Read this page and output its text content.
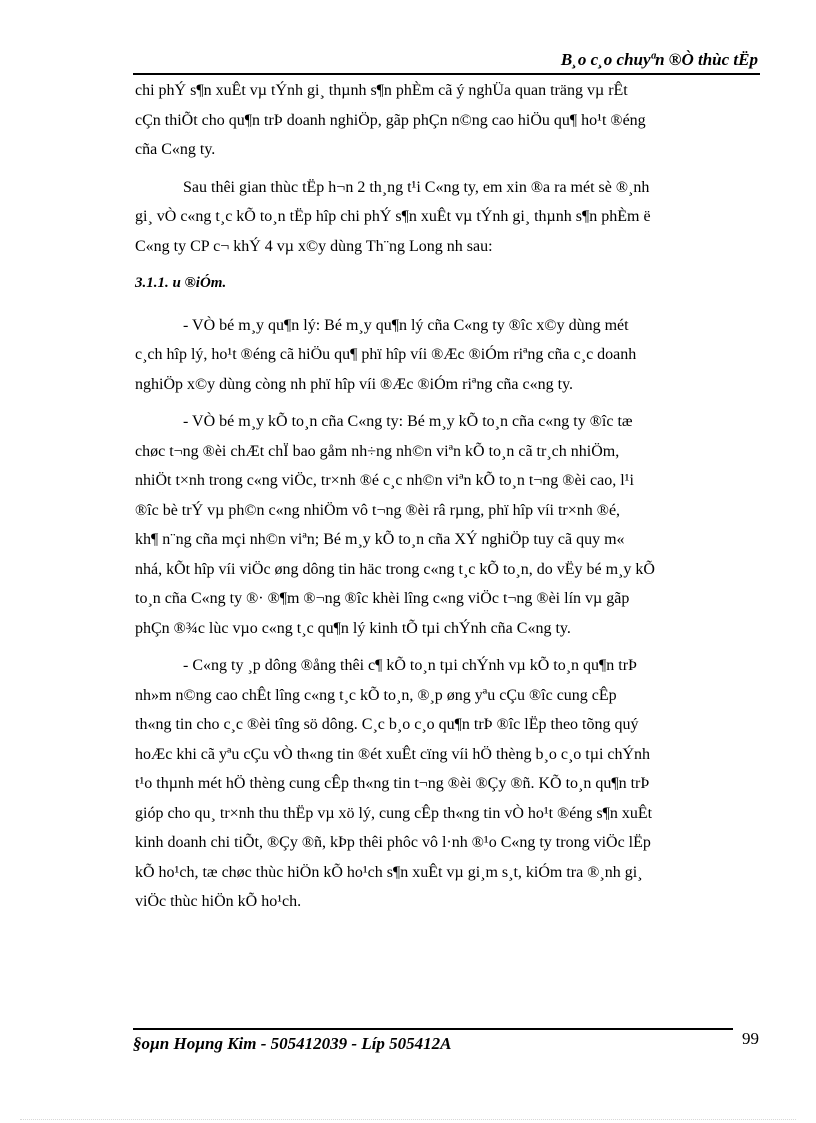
B¸o c¸o chuyªn ®Ò thùc tËp

chi phÝ s¶n xuÊt vµ tÝnh gi¸ thµnh s¶n phÈm cã ý nghÜa quan träng vµ rÊt
cÇn thiÕt cho qu¶n trÞ doanh nghiÖp, gãp phÇn n©ng cao hiÖu qu¶ ho¹t ®éng
cña C«ng ty.

Sau thêi gian thùc tËp h¬n 2 th¸ng t¹i C«ng ty, em xin ®a ra mét sè ®¸nh
gi¸ vÒ c«ng t¸c kÕ to¸n tËp hîp chi phÝ s¶n xuÊt vµ tÝnh gi¸ thµnh s¶n phÈm ë
C«ng ty CP c¬ khÝ 4 vµ x©y dùng Th¨ng Long nh sau:

3.1.1. u ®iÓm.

- VÒ bé m¸y qu¶n lý: Bé m¸y qu¶n lý cña C«ng ty ®îc x©y dùng mét
c¸ch hîp lý, ho¹t ®éng cã hiÖu qu¶ phï hîp víi ®Æc ®iÓm riªng cña c¸c doanh
nghiÖp x©y dùng còng nh phï hîp víi ®Æc ®iÓm riªng cña c«ng ty.

- VÒ bé m¸y kÕ to¸n cña C«ng ty: Bé m¸y kÕ to¸n cña c«ng ty ®îc tæ
chøc t¬ng ®èi chÆt chÏ bao gåm nh÷ng nh©n viªn kÕ to¸n cã tr¸ch nhiÖm,
nhiÖt t×nh trong c«ng viÖc, tr×nh ®é c¸c nh©n viªn kÕ to¸n t¬ng ®èi cao, l¹i
®îc bè trÝ vµ ph©n c«ng nhiÖm vô t¬ng ®èi râ rµng, phï hîp víi tr×nh ®é,
kh¶ n¨ng cña mçi nh©n viªn; Bé m¸y kÕ to¸n cña XÝ nghiÖp tuy cã quy m«
nhá, kÕt hîp víi viÖc øng dông tin häc trong c«ng t¸c kÕ to¸n, do vËy bé m¸y kÕ
to¸n cña C«ng ty ®· ®¶m ®¬ng ®îc khèi lîng c«ng viÖc t¬ng ®èi lín vµ gãp
phÇn ®¾c lùc vµo c«ng t¸c qu¶n lý kinh tÕ tµi chÝnh cña C«ng ty.

- C«ng ty ¸p dông ®ång thêi c¶ kÕ to¸n tµi chÝnh vµ kÕ to¸n qu¶n trÞ
nh»m n©ng cao chÊt lîng c«ng t¸c kÕ to¸n, ®¸p øng yªu cÇu ®îc cung cÊp
th«ng tin cho c¸c ®èi tîng sö dông. C¸c b¸o c¸o qu¶n trÞ ®îc lËp theo tõng quý
hoÆc khi cã yªu cÇu vÒ th«ng tin ®ét xuÊt cïng víi hÖ thèng b¸o c¸o tµi chÝnh
t¹o thµnh mét hÖ thèng cung cÊp th«ng tin t¬ng ®èi ®Çy ®ñ. KÕ to¸n qu¶n trÞ
gióp cho qu¸ tr×nh thu thËp vµ xö lý, cung cÊp th«ng tin vÒ ho¹t ®éng s¶n xuÊt
kinh doanh chi tiÕt, ®Çy ®ñ, kÞp thêi phôc vô l·nh ®¹o C«ng ty trong viÖc lËp
kÕ ho¹ch, tæ chøc thùc hiÖn kÕ ho¹ch s¶n xuÊt vµ gi¸m s¸t, kiÓm tra ®¸nh gi¸
viÖc thùc hiÖn kÕ ho¹ch.

§oµn Hoµng Kim - 505412039 - Líp 505412A	99
